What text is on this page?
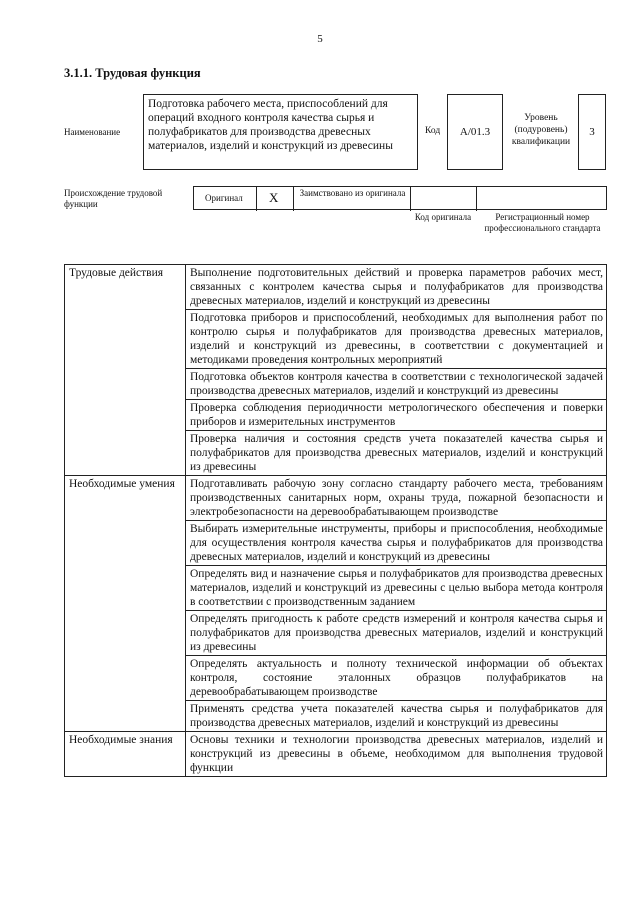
5
3.1.1. Трудовая функция
Наименование
Подготовка рабочего места, приспособлений для операций входного контроля качества сырья и полуфабрикатов для производства древесных материалов, изделий и конструкций из древесины
Код А/01.3
Уровень (подуровень) квалификации
3
Происхождение трудовой функции
Оригинал X	Заимствовано из оригинала
Код оригинала	Регистрационный номер профессионального стандарта
Трудовые действия	Выполнение подготовительных действий и проверка параметров рабочих мест, связанных с контролем качества сырья и полуфабрикатов для производства древесных материалов, изделий и конструкций из древесины
	Подготовка приборов и приспособлений, необходимых для выполнения работ по контролю сырья и полуфабрикатов для производства древесных материалов, изделий и конструкций из древесины, в соответствии с документацией и методиками проведения контрольных мероприятий
	Подготовка объектов контроля качества в соответствии с технологической задачей производства древесных материалов, изделий и конструкций из древесины
	Проверка соблюдения периодичности метрологического обеспечения и поверки приборов и измерительных инструментов
	Проверка наличия и состояния средств учета показателей качества сырья и полуфабрикатов для производства древесных материалов, изделий и конструкций из древесины
Необходимые умения	Подготавливать рабочую зону согласно стандарту рабочего места, требованиям производственных санитарных норм, охраны труда, пожарной безопасности и электробезопасности на деревообрабатывающем производстве
	Выбирать измерительные инструменты, приборы и приспособления, необходимые для осуществления контроля качества сырья и полуфабрикатов для производства древесных материалов, изделий и конструкций из древесины
	Определять вид и назначение сырья и полуфабрикатов для производства древесных материалов, изделий и конструкций из древесины с целью выбора метода контроля в соответствии с производственным заданием
	Определять пригодность к работе средств измерений и контроля качества сырья и полуфабрикатов для производства древесных материалов, изделий и конструкций из древесины
	Определять актуальность и полноту технической информации об объектах контроля, состояние эталонных образцов полуфабрикатов на деревообрабатывающем производстве
	Применять средства учета показателей качества сырья и полуфабрикатов для производства древесных материалов, изделий и конструкций из древесины
Необходимые знания	Основы техники и технологии производства древесных материалов, изделий и конструкций из древесины в объеме, необходимом для выполнения трудовой функции
